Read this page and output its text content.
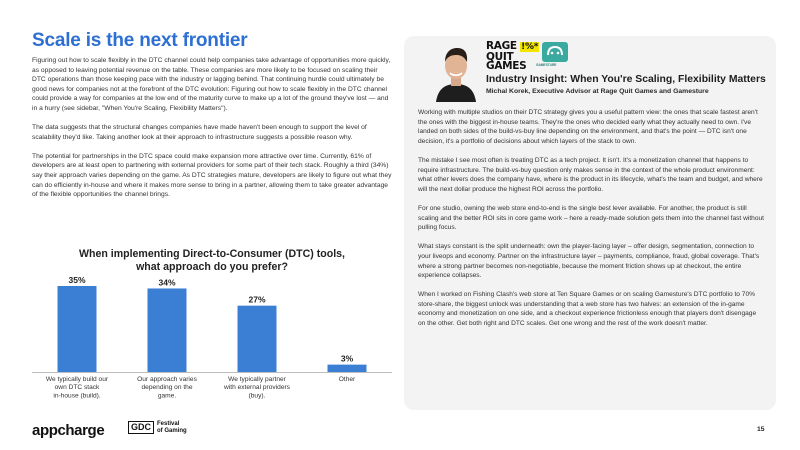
Scale is the next frontier

Figuring out how to scale flexibly in the DTC channel could help companies take advantage of opportunities more quickly, as opposed to leaving potential revenue on the table. These companies are more likely to be focused on scaling their DTC operations than those keeping pace with the industry or lagging behind. That continuing hurdle could ultimately be good news for companies not at the forefront of the DTC evolution: Figuring out how to scale flexibly in the DTC channel could provide a way for companies at the low end of the maturity curve to make up a lot of the ground they've lost — and in a hurry (see sidebar, "When You're Scaling, Flexibility Matters").

The data suggests that the structural changes companies have made haven't been enough to support the level of scalability they'd like. Taking another look at their approach to infrastructure suggests a possible reason why.

The potential for partnerships in the DTC space could make expansion more attractive over time. Currently, 61% of developers are at least open to partnering with external providers for some part of their tech stack. Roughly a third (34%) say their approach varies depending on the game. As DTC strategies mature, developers are likely to figure out what they can do efficiently in-house and where it makes more sense to bring in a partner, allowing them to take greater advantage of the flexible opportunities the channel brings.

When implementing Direct-to-Consumer (DTC) tools,
what approach do you prefer?
35%
We typically build our
own DTC stack
in-house (build).
34%
Our approach varies
depending on the
game.
27%
We typically partner
with external providers
(buy).
3%
Other
RAGE !%*
QUIT
GAMES	GAMESTURE
Industry Insight: When You're Scaling, Flexibility Matters
Michal Korek, Executive Advisor at Rage Quit Games and Gamesture

Working with multiple studios on their DTC strategy gives you a useful pattern view: the ones that scale fastest aren't the ones with the biggest in-house teams. They're the ones who decided early what they actually need to own. I've landed on both sides of the build-vs-buy line depending on the environment, and that's the point — DTC isn't one decision, it's a portfolio of decisions about which layers of the stack to own.

The mistake I see most often is treating DTC as a tech project. It isn't. It's a monetization channel that happens to require infrastructure. The build-vs-buy question only makes sense in the context of the whole product environment: what other levers does the company have, where is the product in its lifecycle, what's the team and budget, and where will the next dollar produce the highest ROI across the portfolio.

For one studio, owning the web store end-to-end is the single best lever available. For another, the product is still scaling and the better ROI sits in core game work – here a ready-made solution gets them into the channel fast without pulling focus.

What stays constant is the split underneath: own the player-facing layer – offer design, segmentation, connection to your liveops and economy. Partner on the infrastructure layer – payments, compliance, fraud, global coverage. That's where a strong partner becomes non-negotiable, because the moment friction shows up at checkout, the entire experience collapses.

When I worked on Fishing Clash's web store at Ten Square Games or on scaling Gamesture's DTC portfolio to 70% store-share, the biggest unlock was understanding that a web store has two halves: an extension of the in-game economy and monetization on one side, and a checkout experience frictionless enough that players don't disengage on the other. Get both right and DTC scales. Get one wrong and the rest of the work doesn't matter.

appcharge	GDC	Festival
of Gaming	15
